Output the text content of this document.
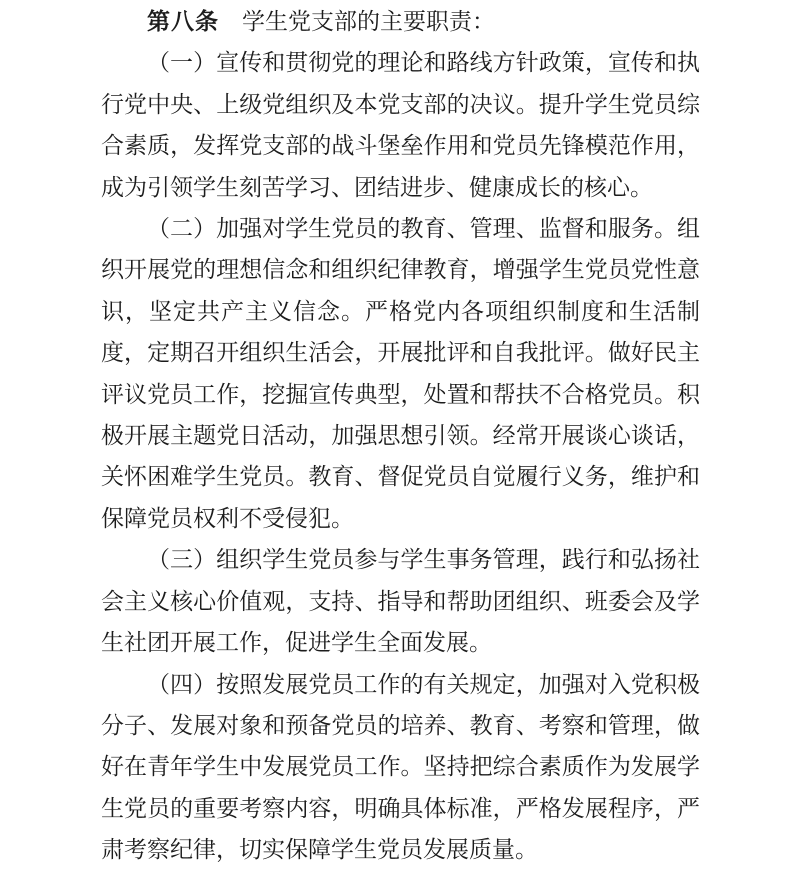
第八条 学生党支部的主要职责：

（一）宣传和贯彻党的理论和路线方针政策，宣传和执行党中央、上级党组织及本党支部的决议。提升学生党员综合素质，发挥党支部的战斗堡垒作用和党员先锋模范作用，成为引领学生刻苦学习、团结进步、健康成长的核心。

（二）加强对学生党员的教育、管理、监督和服务。组织开展党的理想信念和组织纪律教育，增强学生党员党性意识，坚定共产主义信念。严格党内各项组织制度和生活制度，定期召开组织生活会，开展批评和自我批评。做好民主评议党员工作，挖掘宣传典型，处置和帮扶不合格党员。积极开展主题党日活动，加强思想引领。经常开展谈心谈话，关怀困难学生党员。教育、督促党员自觉履行义务，维护和保障党员权利不受侵犯。

（三）组织学生党员参与学生事务管理，践行和弘扬社会主义核心价值观，支持、指导和帮助团组织、班委会及学生社团开展工作，促进学生全面发展。

（四）按照发展党员工作的有关规定，加强对入党积极分子、发展对象和预备党员的培养、教育、考察和管理，做好在青年学生中发展党员工作。坚持把综合素质作为发展学生党员的重要考察内容，明确具体标准，严格发展程序，严肃考察纪律，切实保障学生党员发展质量。
